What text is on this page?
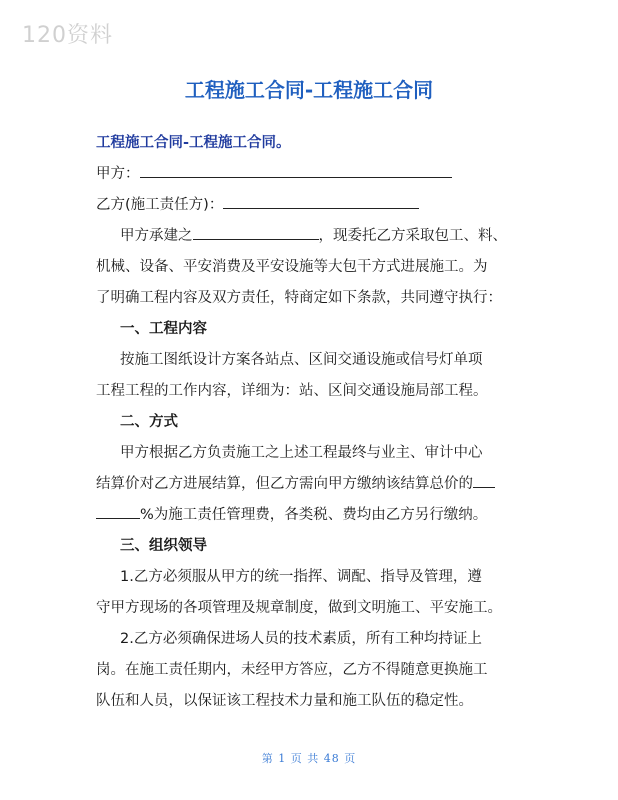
120资料
工程施工合同-工程施工合同
工程施工合同-工程施工合同。
甲方：
乙方(施工责任方)：
甲方承建之	，现委托乙方采取包工、料、
机械、设备、平安消费及平安设施等大包干方式进展施工。为
了明确工程内容及双方责任，特商定如下条款，共同遵守执行：
一、工程内容
按施工图纸设计方案各站点、区间交通设施或信号灯单项
工程工程的工作内容，详细为：站、区间交通设施局部工程。
二、方式
甲方根据乙方负责施工之上述工程最终与业主、审计中心
结算价对乙方进展结算，但乙方需向甲方缴纳该结算总价的
%为施工责任管理费，各类税、费均由乙方另行缴纳。
三、组织领导
1.乙方必须服从甲方的统一指挥、调配、指导及管理，遵
守甲方现场的各项管理及规章制度，做到文明施工、平安施工。
2.乙方必须确保进场人员的技术素质，所有工种均持证上
岗。在施工责任期内，未经甲方答应，乙方不得随意更换施工
队伍和人员，以保证该工程技术力量和施工队伍的稳定性。
第 1 页 共 48 页
